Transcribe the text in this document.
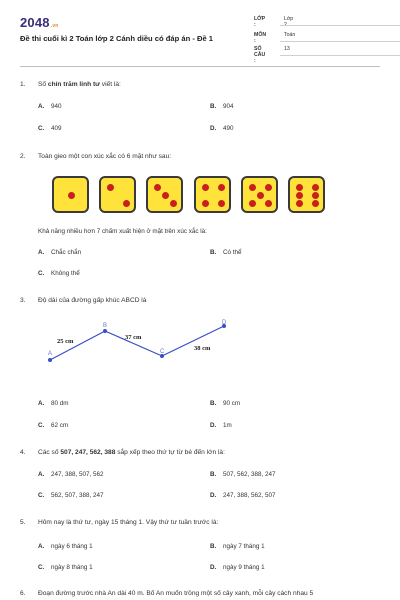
2048.vn
Đề thi cuối kì 2 Toán lớp 2 Cánh diều có đáp án - Đề 1
LỚP :
Lớp 2
MÔN :
Toán
SỐ CÂU :
13
1. Số chín trăm linh tư viết là:
A. 940	B. 904
C. 409	D. 490
2. Toàn gieo một con xúc xắc có 6 mặt như sau:
Khả năng nhiều hơn 7 chấm xuất hiện ở mặt trên xúc xắc là:
A. Chắc chắn	B. Có thể
C. Không thể
3. Độ dài của đường gấp khúc ABCD là
A
B
C
D
25 cm
37 cm
38 cm
A. 80 dm	B. 90 cm
C. 62 cm	D. 1m
4. Các số 507, 247, 562, 388 sắp xếp theo thứ tự từ bé đến lớn là:
A. 247, 388, 507, 562	B. 507, 562, 388, 247
C. 562, 507, 388, 247	D. 247, 388, 562, 507
5. Hôm nay là thứ tư, ngày 15 tháng 1. Vậy thứ tư tuần trước là:
A. ngày 6 tháng 1	B. ngày 7 tháng 1
C. ngày 8 tháng 1	D. ngày 9 tháng 1
6. Đoạn đường trước nhà An dài 40 m. Bố An muốn trồng một số cây xanh, mỗi cây cách nhau 5
